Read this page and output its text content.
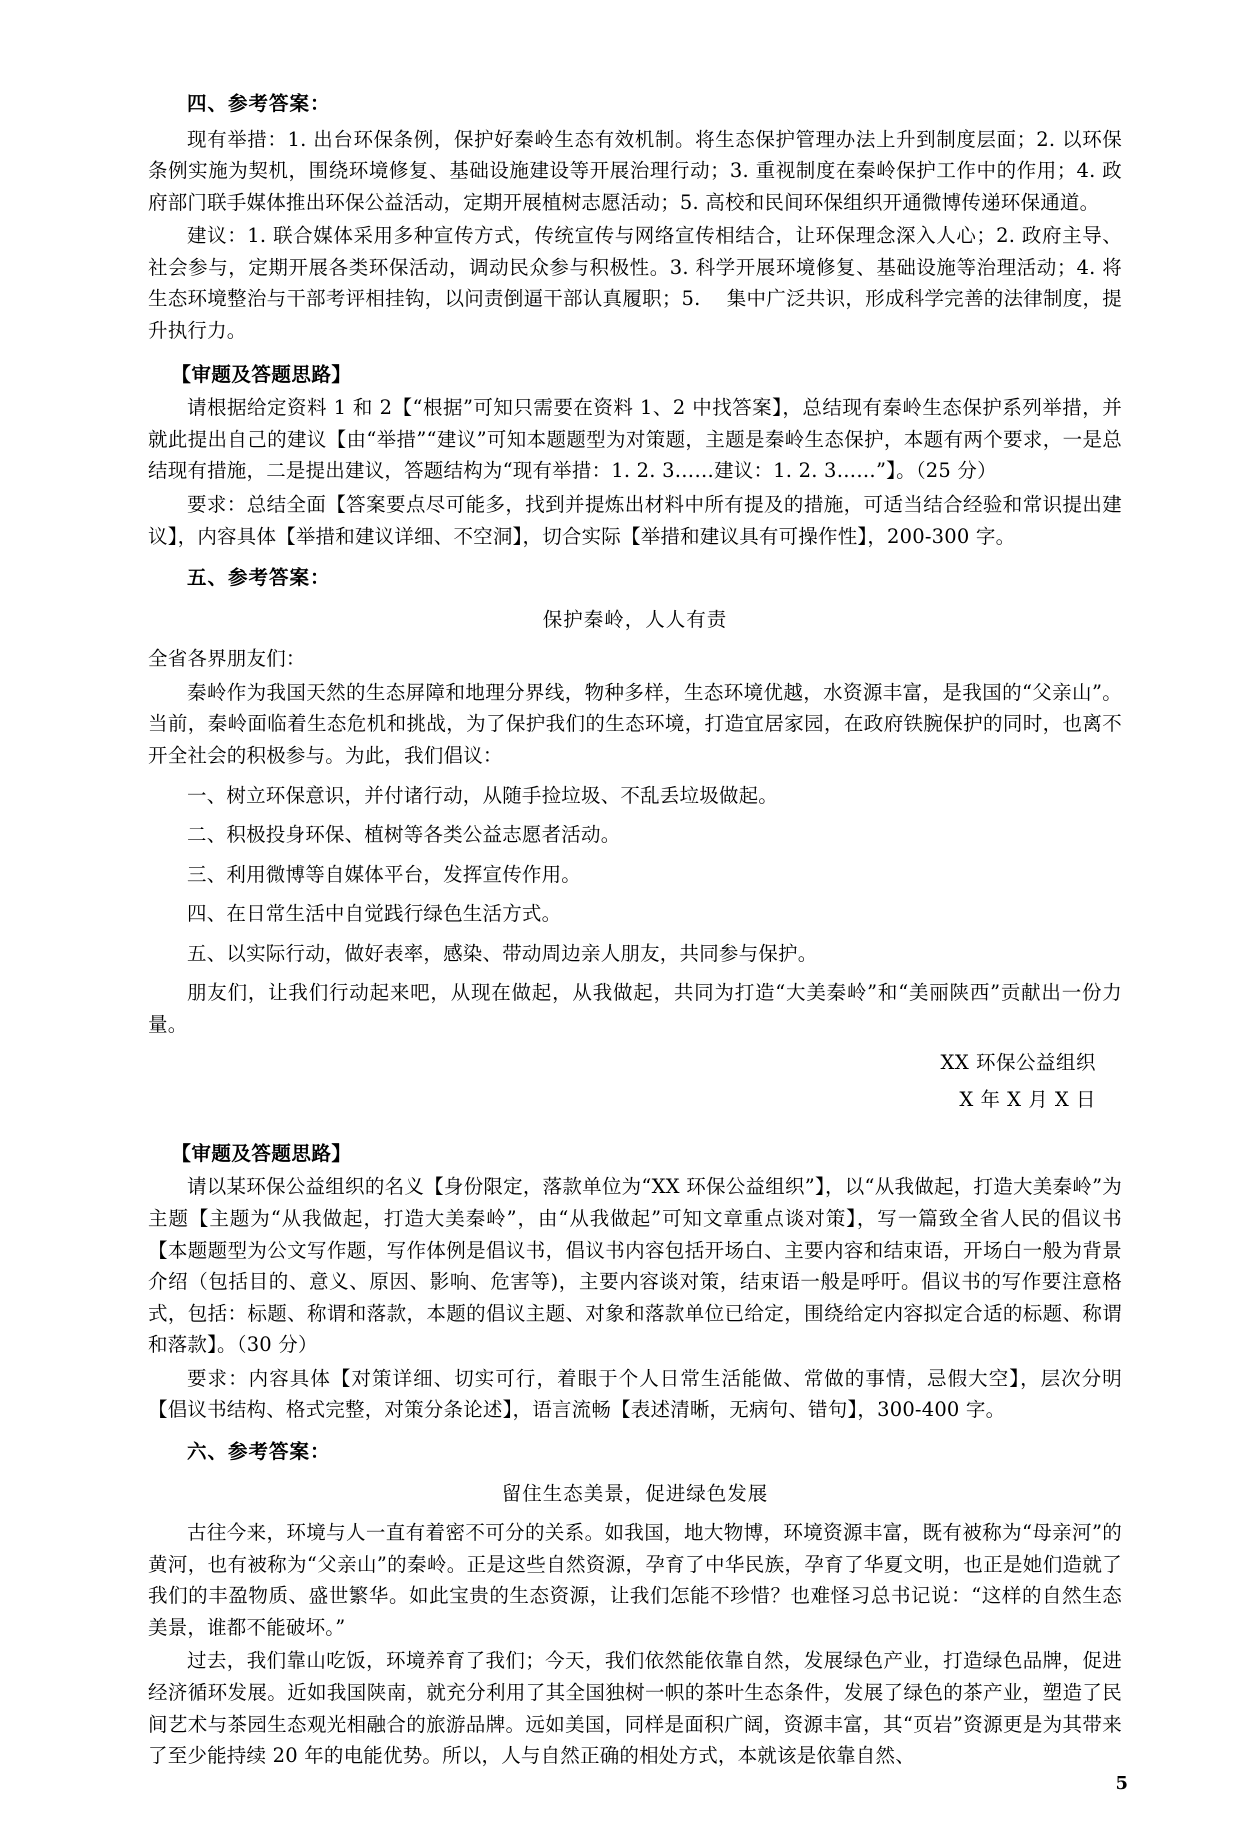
四、参考答案：

现有举措：1. 出台环保条例，保护好秦岭生态有效机制。将生态保护管理办法上升到制度层面；2. 以环保条例实施为契机，围绕环境修复、基础设施建设等开展治理行动；3. 重视制度在秦岭保护工作中的作用；4. 政府部门联手媒体推出环保公益活动，定期开展植树志愿活动；5. 高校和民间环保组织开通微博传递环保通道。

建议：1. 联合媒体采用多种宣传方式，传统宣传与网络宣传相结合，让环保理念深入人心；2. 政府主导、社会参与，定期开展各类环保活动，调动民众参与积极性。3. 科学开展环境修复、基础设施等治理活动；4. 将生态环境整治与干部考评相挂钩，以问责倒逼干部认真履职；5. 　集中广泛共识，形成科学完善的法律制度，提升执行力。

【审题及答题思路】

请根据给定资料 1 和 2【“根据”可知只需要在资料 1、2 中找答案】，总结现有秦岭生态保护系列举措，并就此提出自己的建议【由“举措”“建议”可知本题题型为对策题，主题是秦岭生态保护，本题有两个要求，一是总结现有措施，二是提出建议，答题结构为“现有举措：1. 2. 3……建议：1. 2. 3……”】。（25 分）

要求：总结全面【答案要点尽可能多，找到并提炼出材料中所有提及的措施，可适当结合经验和常识提出建议】，内容具体【举措和建议详细、不空洞】，切合实际【举措和建议具有可操作性】，200-300 字。

五、参考答案：

保护秦岭，人人有责

全省各界朋友们：

秦岭作为我国天然的生态屏障和地理分界线，物种多样，生态环境优越，水资源丰富，是我国的“父亲山”。当前，秦岭面临着生态危机和挑战，为了保护我们的生态环境，打造宜居家园，在政府铁腕保护的同时，也离不开全社会的积极参与。为此，我们倡议：

一、树立环保意识，并付诸行动，从随手捡垃圾、不乱丢垃圾做起。

二、积极投身环保、植树等各类公益志愿者活动。

三、利用微博等自媒体平台，发挥宣传作用。

四、在日常生活中自觉践行绿色生活方式。

五、以实际行动，做好表率，感染、带动周边亲人朋友，共同参与保护。

朋友们，让我们行动起来吧，从现在做起，从我做起，共同为打造“大美秦岭”和“美丽陕西”贡献出一份力量。

XX 环保公益组织

X 年 X 月 X 日

【审题及答题思路】

请以某环保公益组织的名义【身份限定，落款单位为“XX 环保公益组织”】，以“从我做起，打造大美秦岭”为主题【主题为“从我做起，打造大美秦岭”，由“从我做起”可知文章重点谈对策】，写一篇致全省人民的倡议书【本题题型为公文写作题，写作体例是倡议书，倡议书内容包括开场白、主要内容和结束语，开场白一般为背景介绍（包括目的、意义、原因、影响、危害等)，主要内容谈对策，结束语一般是呼吁。倡议书的写作要注意格式，包括：标题、称谓和落款，本题的倡议主题、对象和落款单位已给定，围绕给定内容拟定合适的标题、称谓和落款】。（30 分）

要求：内容具体【对策详细、切实可行，着眼于个人日常生活能做、常做的事情，忌假大空】，层次分明【倡议书结构、格式完整，对策分条论述】，语言流畅【表述清晰，无病句、错句】，300-400 字。

六、参考答案：

留住生态美景，促进绿色发展

古往今来，环境与人一直有着密不可分的关系。如我国，地大物博，环境资源丰富，既有被称为“母亲河”的黄河，也有被称为“父亲山”的秦岭。正是这些自然资源，孕育了中华民族，孕育了华夏文明，也正是她们造就了我们的丰盈物质、盛世繁华。如此宝贵的生态资源，让我们怎能不珍惜？也难怪习总书记说：“这样的自然生态美景，谁都不能破坏。”

过去，我们靠山吃饭，环境养育了我们；今天，我们依然能依靠自然，发展绿色产业，打造绿色品牌，促进经济循环发展。近如我国陕南，就充分利用了其全国独树一帜的茶叶生态条件，发展了绿色的茶产业，塑造了民间艺术与茶园生态观光相融合的旅游品牌。远如美国，同样是面积广阔，资源丰富，其“页岩”资源更是为其带来了至少能持续 20 年的电能优势。所以，人与自然正确的相处方式，本就该是依靠自然、

5
